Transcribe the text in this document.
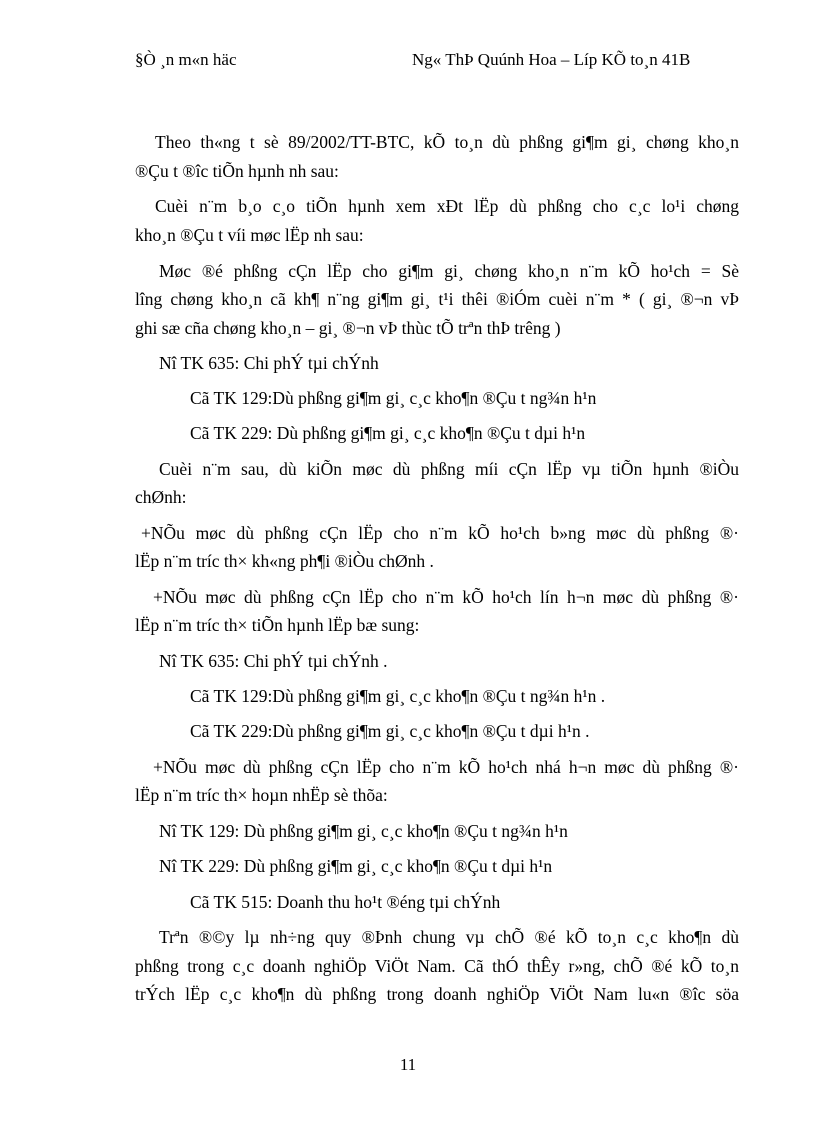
§Ò ¸n m«n häc	Ng« ThÞ Quúnh Hoa – Líp KÕ to¸n 41B
Theo th«ng t sè 89/2002/TT-BTC, kÕ to¸n dù phßng gi¶m gi¸ chøng kho¸n
®Çu t ®îc tiÕn hµnh nh sau:
Cuèi n¨m b¸o c¸o tiÕn hµnh xem xÐt lËp dù phßng cho c¸c lo¹i chøng
kho¸n ®Çu t víi møc lËp nh sau:
Møc ®é phßng cÇn lËp cho gi¶m gi¸ chøng kho¸n n¨m kÕ ho¹ch = Sè
lîng chøng kho¸n cã kh¶ n¨ng gi¶m gi¸ t¹i thêi ®iÓm cuèi n¨m * ( gi¸ ®¬n vÞ
ghi sæ cña chøng kho¸n – gi¸ ®¬n vÞ thùc tÕ trªn thÞ trêng )
Nî TK 635: Chi phÝ tµi chÝnh
Cã TK 129:Dù phßng gi¶m gi¸ c¸c kho¶n ®Çu t ng¾n h¹n
Cã TK 229: Dù phßng gi¶m gi¸ c¸c kho¶n ®Çu t dµi h¹n
Cuèi n¨m sau, dù kiÕn møc dù phßng míi cÇn lËp vµ tiÕn hµnh ®iÒu
chØnh:
+NÕu møc dù phßng cÇn lËp cho n¨m kÕ ho¹ch b»ng møc dù phßng ®·
lËp n¨m tríc th× kh«ng ph¶i ®iÒu chØnh .
+NÕu møc dù phßng cÇn lËp cho n¨m kÕ ho¹ch lín h¬n møc dù phßng ®·
lËp n¨m tríc th× tiÕn hµnh lËp bæ sung:
Nî TK 635: Chi phÝ tµi chÝnh .
Cã TK 129:Dù phßng gi¶m gi¸ c¸c kho¶n ®Çu t ng¾n h¹n .
Cã TK 229:Dù phßng gi¶m gi¸ c¸c kho¶n ®Çu t dµi h¹n .
+NÕu møc dù phßng cÇn lËp cho n¨m kÕ ho¹ch nhá h¬n møc dù phßng ®·
lËp n¨m tríc th× hoµn nhËp sè thõa:
Nî TK 129: Dù phßng gi¶m gi¸ c¸c kho¶n ®Çu t ng¾n h¹n
Nî TK 229: Dù phßng gi¶m gi¸ c¸c kho¶n ®Çu t dµi h¹n
Cã TK 515: Doanh thu ho¹t ®éng tµi chÝnh
Trªn ®©y lµ nh÷ng quy ®Þnh chung vµ chÕ ®é kÕ to¸n c¸c kho¶n dù
phßng trong c¸c doanh nghiÖp ViÖt Nam. Cã thÓ thÊy r»ng, chÕ ®é kÕ to¸n
trÝch lËp c¸c kho¶n dù phßng trong doanh nghiÖp ViÖt Nam lu«n ®îc söa
11
